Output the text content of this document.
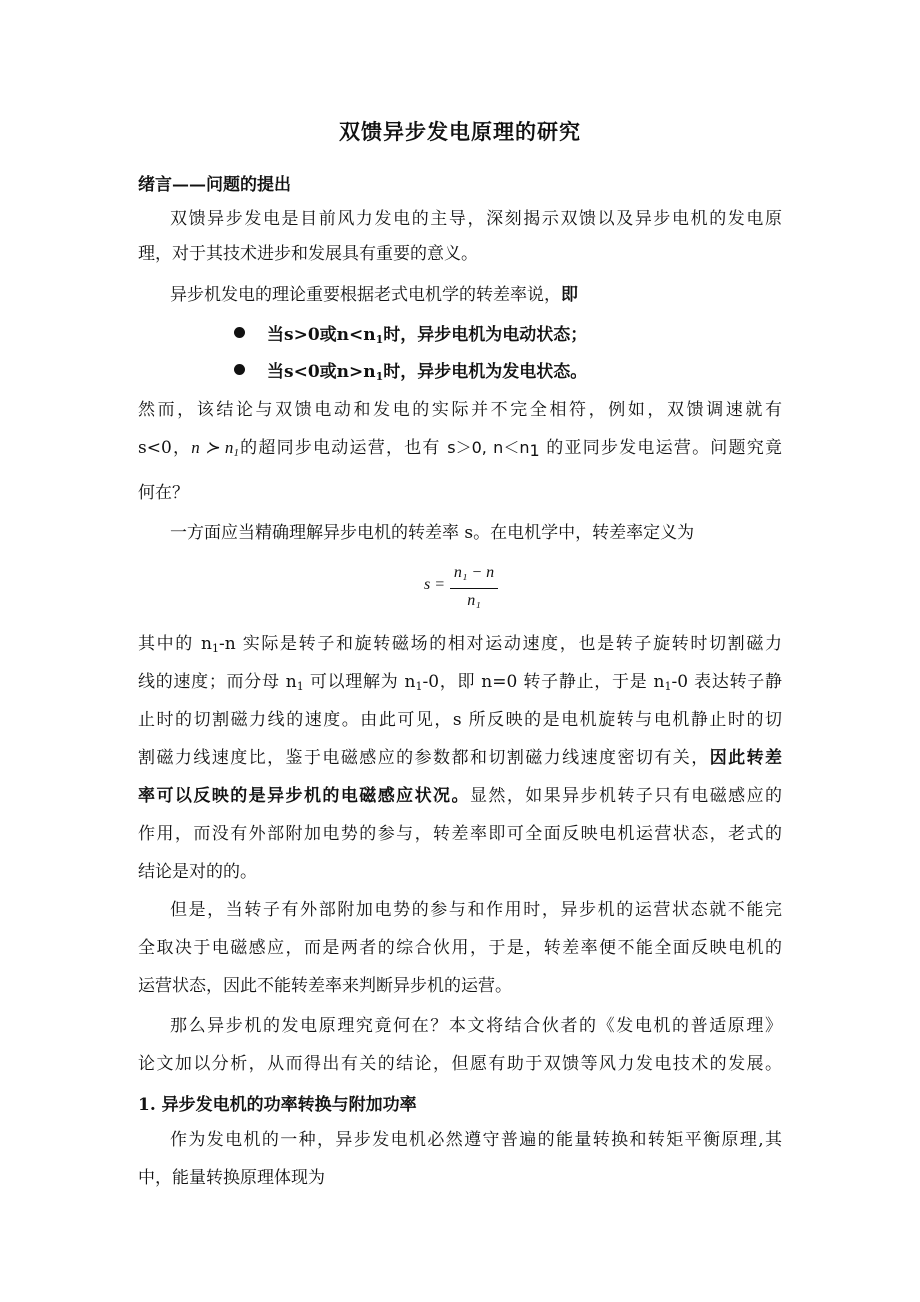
双馈异步发电原理的研究
绪言——问题的提出
双馈异步发电是目前风力发电的主导，深刻揭示双馈以及异步电机的发电原
理，对于其技术进步和发展具有重要的意义。
异步机发电的理论重要根据老式电机学的转差率说，即
当s>0或$n<n_1$时，异步电机为电动状态；
当s<0或$n>n_1$时，异步电机为发电状态。
然而，该结论与双馈电动和发电的实际并不完全相符，例如，双馈调速就有
s<0，n ≻ $n_1$的超同步电动运营，也有 s＞0, $n<n_1$ 的亚同步发电运营。问题究竟
何在？
一方面应当精确理解异步电机的转差率 s。在电机学中，转差率定义为
s =
n₁ − n
n₁
其中的 $n_1-n$ 实际是转子和旋转磁场的相对运动速度，也是转子旋转时切割磁力
线的速度；而分母 $n_1$ 可以理解为 $n_1-0$，即 n=0 转子静止，于是 $n_1-0$ 表达转子静
止时的切割磁力线的速度。由此可见，s 所反映的是电机旋转与电机静止时的切
割磁力线速度比，鉴于电磁感应的参数都和切割磁力线速度密切有关，因此转差
率可以反映的是异步机的电磁感应状况。显然，如果异步机转子只有电磁感应的
作用，而没有外部附加电势的参与，转差率即可全面反映电机运营状态，老式的
结论是对的的。
但是，当转子有外部附加电势的参与和作用时，异步机的运营状态就不能完
全取决于电磁感应，而是两者的综合伙用，于是，转差率便不能全面反映电机的
运营状态，因此不能转差率来判断异步机的运营。
那么异步机的发电原理究竟何在？本文将结合伙者的《发电机的普适原理》
论文加以分析，从而得出有关的结论，但愿有助于双馈等风力发电技术的发展。
1. 异步发电机的功率转换与附加功率
作为发电机的一种，异步发电机必然遵守普遍的能量转换和转矩平衡原理,其
中，能量转换原理体现为
